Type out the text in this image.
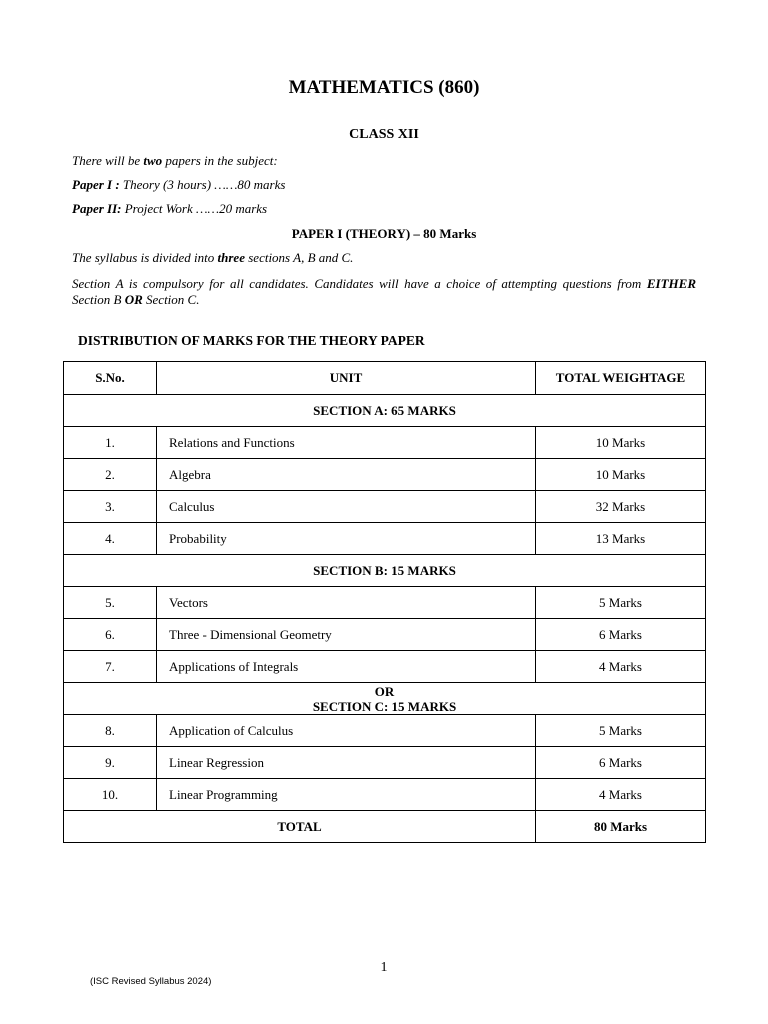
MATHEMATICS (860)
CLASS XII
There will be two papers in the subject:
Paper I : Theory (3 hours) ……80 marks
Paper II: Project Work ……20 marks
PAPER I (THEORY) – 80 Marks
The syllabus is divided into three sections A, B and C.
Section A is compulsory for all candidates. Candidates will have a choice of attempting questions from EITHER Section B OR Section C.
DISTRIBUTION OF MARKS FOR THE THEORY PAPER
S.No.	UNIT	TOTAL WEIGHTAGE
SECTION A: 65 MARKS		
1.	Relations and Functions	10 Marks
2.	Algebra	10 Marks
3.	Calculus	32 Marks
4.	Probability	13 Marks
SECTION B: 15 MARKS		
5.	Vectors	5 Marks
6.	Three - Dimensional Geometry	6 Marks
7.	Applications of Integrals	4 Marks

OR
SECTION C: 15 MARKS		

8.	Application of Calculus	5 Marks
9.	Linear Regression	6 Marks
10.	Linear Programming	4 Marks
TOTAL		80 Marks
1
(ISC Revised Syllabus 2024)
